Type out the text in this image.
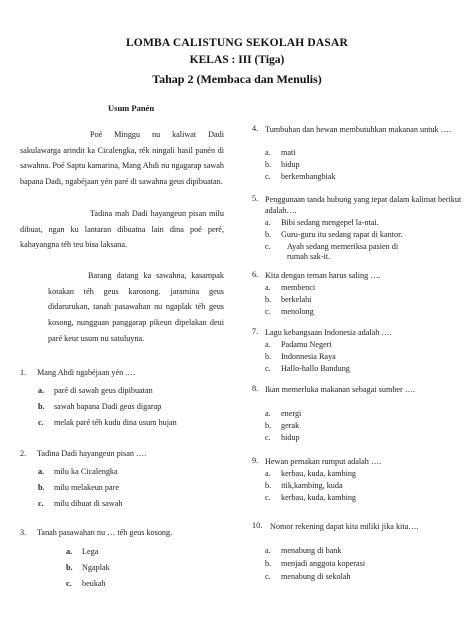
LOMBA CALISTUNG SEKOLAH DASAR
KELAS : III (Tiga)
Tahap 2 (Membaca dan Menulis)
Usum Panén
Poé Minggu nu kaliwat Dadi sakulawarga arindit ka Cicalengka, rék ningali hasil panén di sawahna. Poé Saptu kamarina, Mang Ahdi nu ngagarap sawah bapana Dadi, ngabéjaan yén paré di sawahna geus dipibuatan.
Tadina mah Dadi hayangeun pisan milu dibuat, ngan ku lantaran dibuatna lain dina poé peré, kahayangna téh teu bisa laksana.
Barang datang ka sawahna, kasampak kotakan téh geus karosong. jaramina geus didarurukan, tanah pasawahan nu ngaplak téh geus kosong, nungguan panggarap pikeun dipelakan deui paré keur usum nu satuluyna.
1. Mang Ahdi ngabéjaan yén .…
a. paré di sawah geus dipibuatan
b. sawah bapana Dadi geus digarap
c. melak paré téh kudu dina usum hujan
2. Tadina Dadi hayangeun pisan ….
a. milu ka Cicalengka
b. milu melakeun pare
c. milu dibuat di sawah
3. Tanah pasawahan nu … téh geus kosong.
a. Lega
b. Ngaplak
c. beukah
4. Tumbuhan dan hewan membutuhkan makanan untuk ….
a. mati
b. hidup
c. berkembangbiak
5. Penggunaan tanda hubung yang tepat dalam kalimat berikut adalah….
a. Bibi sedang mengepel la-ntai.
b. Guru-guru itu sedang rapat di kantor.
c. Ayah sedang memeriksa pasien di
rumah sak-it.
6. Kita dengan teman harus saling ….
a. membenci
b. berkelahi
c. menolong
7. Lagu kebangsaan Indonesia adalah ….
a. Padamu Negeri
b. Indonnesia Raya
c. Hallo-hallo Bandung
8. Ikan memerluka makanan sebagai sumber ….
a. energi
b. gerak
c. hidup
9. Hewan pemakan rumput adalah ….
a. kerbau, kuda, kambing
b. itik,kambing, kuda
c. kerbau, kuda, kambing
10. Nomor rekening dapat kita miliki jika kita….
a. menabung di bank
b. menjadi anggota koperasi
c. menabung di sekolah
